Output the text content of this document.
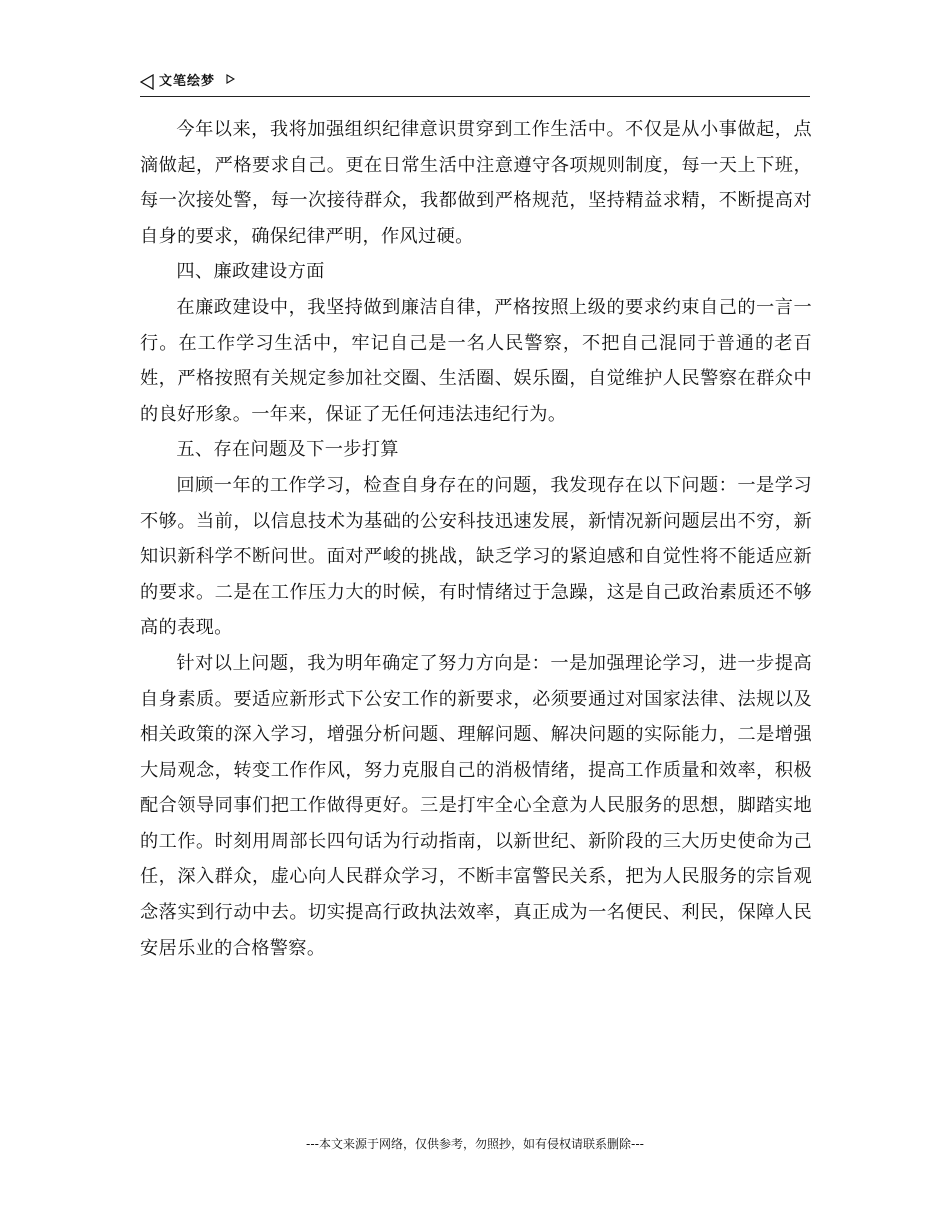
文笔绘梦

今年以来，我将加强组织纪律意识贯穿到工作生活中。不仅是从小事做起，点滴做起，严格要求自己。更在日常生活中注意遵守各项规则制度，每一天上下班，每一次接处警，每一次接待群众，我都做到严格规范，坚持精益求精，不断提高对自身的要求，确保纪律严明，作风过硬。

四、廉政建设方面

在廉政建设中，我坚持做到廉洁自律，严格按照上级的要求约束自己的一言一行。在工作学习生活中，牢记自己是一名人民警察，不把自己混同于普通的老百姓，严格按照有关规定参加社交圈、生活圈、娱乐圈，自觉维护人民警察在群众中的良好形象。一年来，保证了无任何违法违纪行为。

五、存在问题及下一步打算

回顾一年的工作学习，检查自身存在的问题，我发现存在以下问题：一是学习不够。当前，以信息技术为基础的公安科技迅速发展，新情况新问题层出不穷，新知识新科学不断问世。面对严峻的挑战，缺乏学习的紧迫感和自觉性将不能适应新的要求。二是在工作压力大的时候，有时情绪过于急躁，这是自己政治素质还不够高的表现。

针对以上问题，我为明年确定了努力方向是：一是加强理论学习，进一步提高自身素质。要适应新形式下公安工作的新要求，必须要通过对国家法律、法规以及相关政策的深入学习，增强分析问题、理解问题、解决问题的实际能力，二是增强大局观念，转变工作作风，努力克服自己的消极情绪，提高工作质量和效率，积极配合领导同事们把工作做得更好。三是打牢全心全意为人民服务的思想，脚踏实地的工作。时刻用周部长四句话为行动指南，以新世纪、新阶段的三大历史使命为己任，深入群众，虚心向人民群众学习，不断丰富警民关系，把为人民服务的宗旨观念落实到行动中去。切实提高行政执法效率，真正成为一名便民、利民，保障人民安居乐业的合格警察。

---本文来源于网络，仅供参考，勿照抄，如有侵权请联系删除---
